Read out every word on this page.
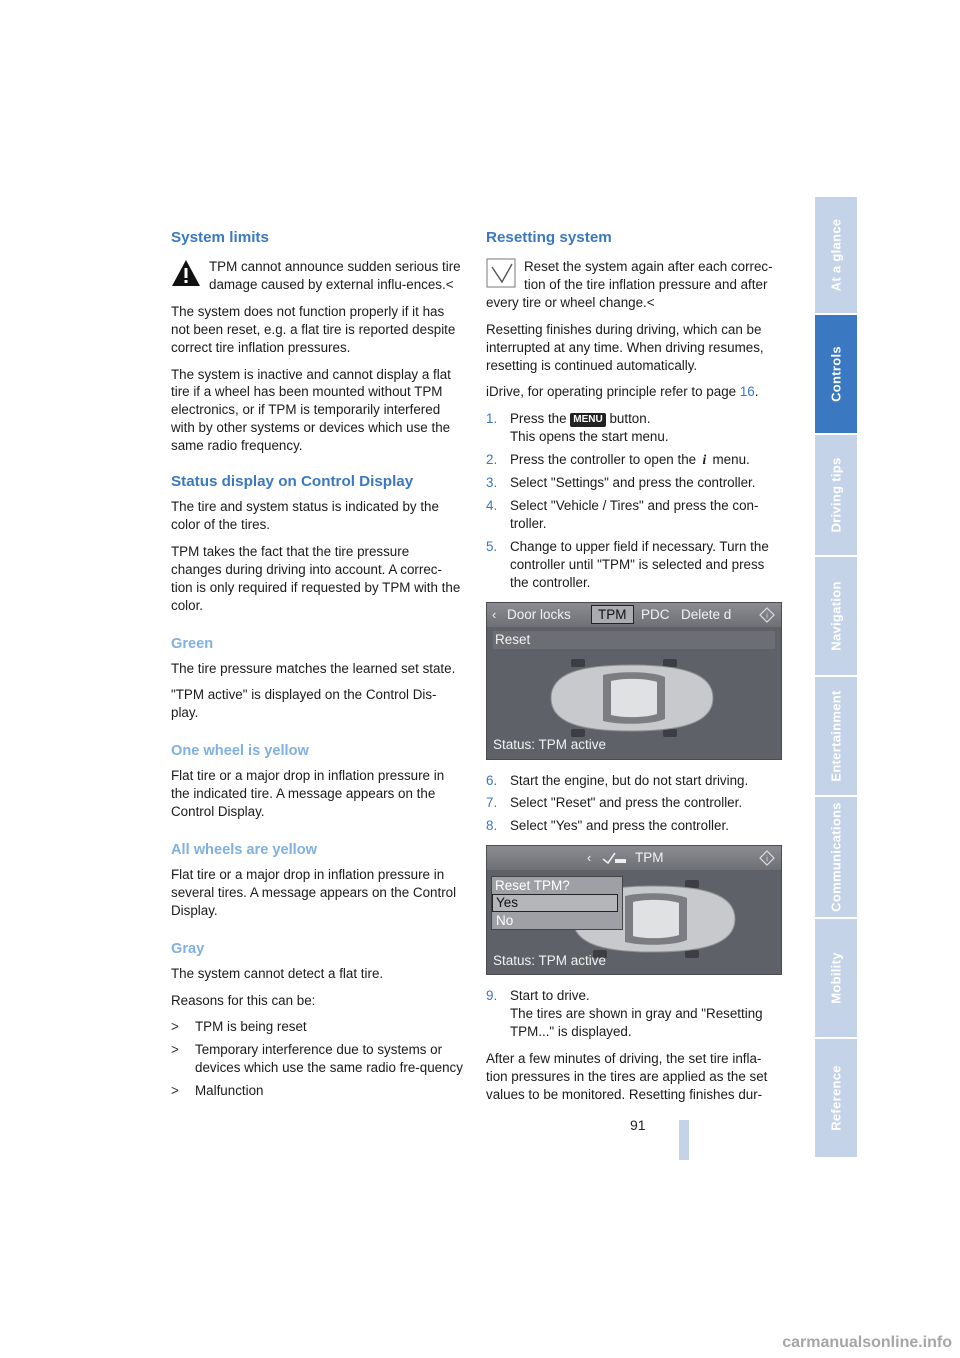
At a glance
Controls
Driving tips
Navigation
Entertainment
Communications
Mobility
Reference
System limits
TPM cannot announce sudden serious tire damage caused by external influ-ences.<

The system does not function properly if it has not been reset, e.g. a flat tire is reported despite correct tire inflation pressures.

The system is inactive and cannot display a flat tire if a wheel has been mounted without TPM electronics, or if TPM is temporarily interfered with by other systems or devices which use the same radio frequency.

Status display on Control Display

The tire and system status is indicated by the color of the tires.

TPM takes the fact that the tire pressure changes during driving into account. A correc-tion is only required if requested by TPM with the color.

Green

The tire pressure matches the learned set state.

"TPM active" is displayed on the Control Dis-play.

One wheel is yellow

Flat tire or a major drop in inflation pressure in the indicated tire. A message appears on the Control Display.

All wheels are yellow

Flat tire or a major drop in inflation pressure in several tires. A message appears on the Control Display.

Gray

The system cannot detect a flat tire.

Reasons for this can be:

> TPM is being reset
> Temporary interference due to systems or devices which use the same radio fre-quency
> Malfunction
Resetting system
Reset the system again after each correc-tion of the tire inflation pressure and after every tire or wheel change.<

Resetting finishes during driving, which can be interrupted at any time. When driving resumes, resetting is continued automatically.

iDrive, for operating principle refer to page 16.

1. Press the MENU button.
This opens the start menu.
2. Press the controller to open the i menu.
3. Select "Settings" and press the controller.
4. Select "Vehicle / Tires" and press the con-troller.
5. Change to upper field if necessary. Turn the controller until "TPM" is selected and press the controller.
‹ Door locks	TPM	PDC Delete d	i
Reset
Status: TPM active
6. Start the engine, but do not start driving.
7. Select "Reset" and press the controller.
8. Select "Yes" and press the controller.
‹	TPM	i
Reset TPM?
Yes
No
Status: TPM active
9. Start to drive.
The tires are shown in gray and "Resetting TPM..." is displayed.

After a few minutes of driving, the set tire infla-tion pressures in the tires are applied as the set values to be monitored. Resetting finishes dur-

91
carmanualsonline.info
